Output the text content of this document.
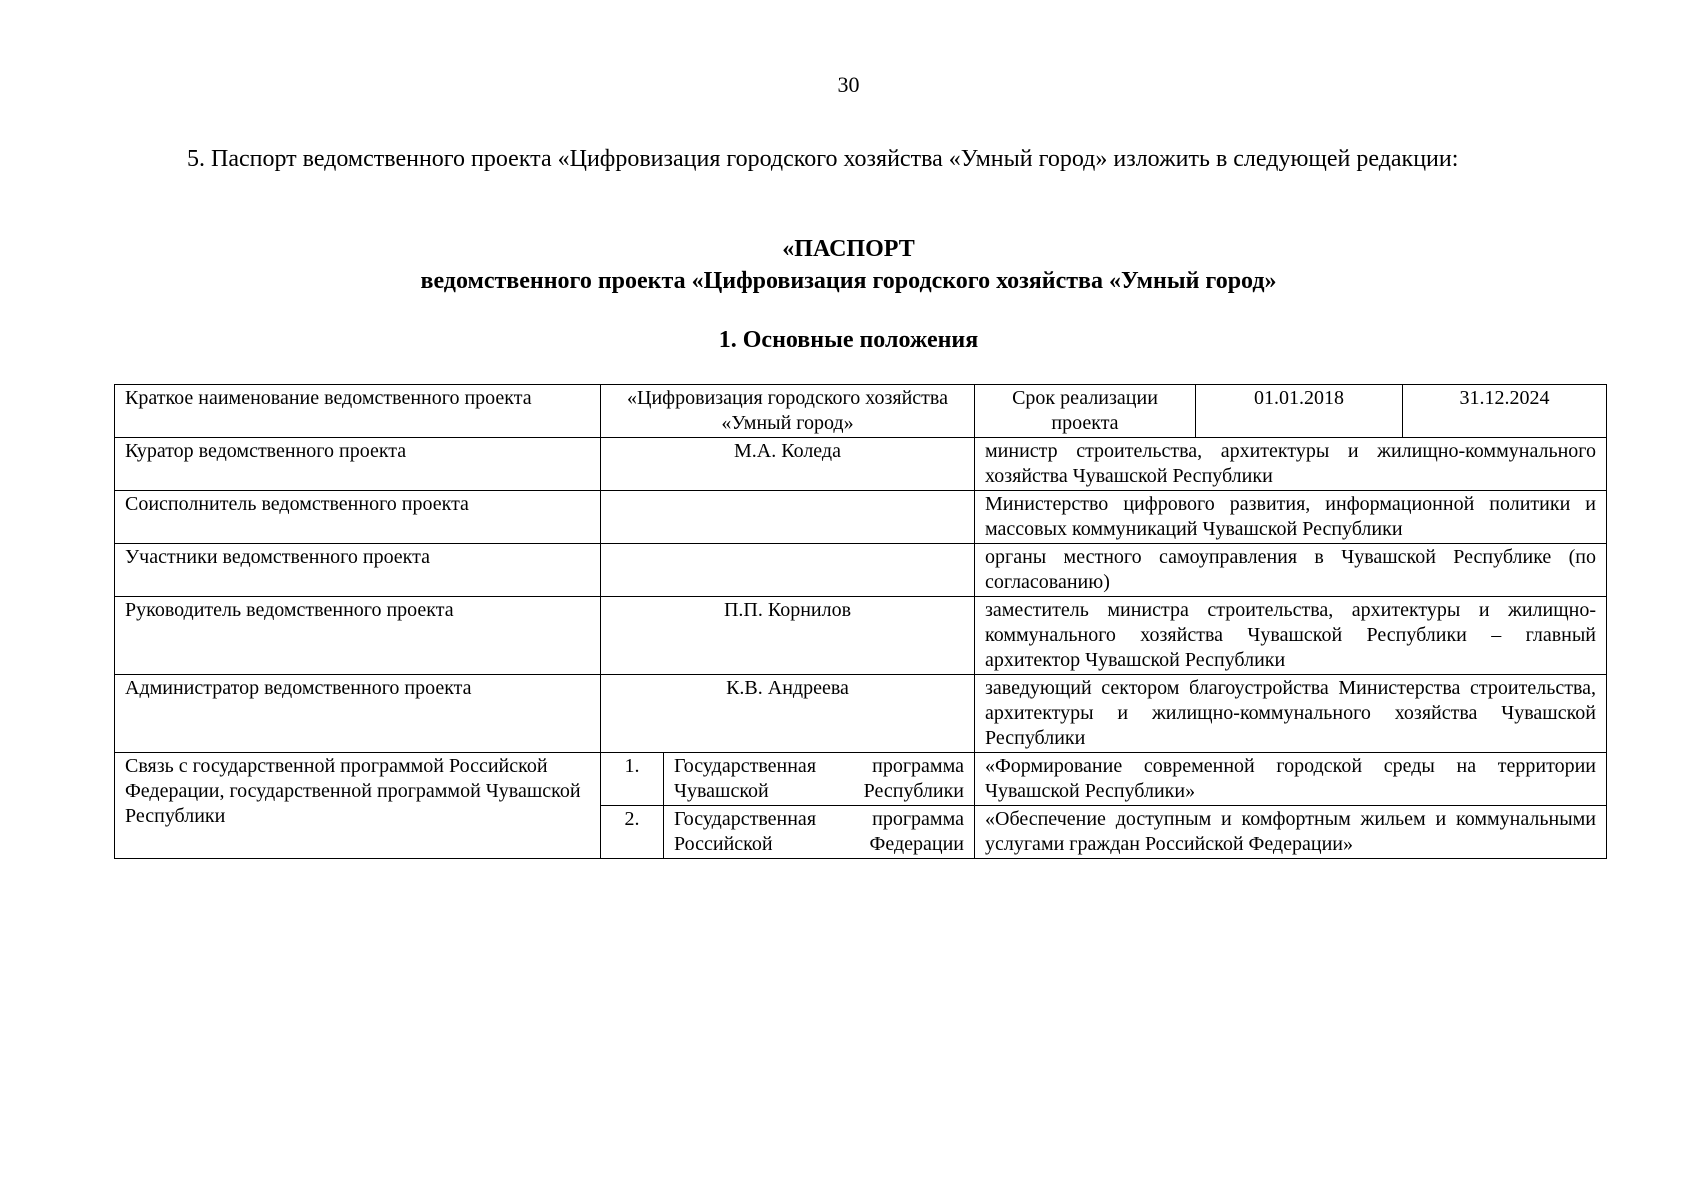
30
5. Паспорт ведомственного проекта «Цифровизация городского хозяйства «Умный город» изложить в следующей редакции:
«ПАСПОРТ
ведомственного проекта «Цифровизация городского хозяйства «Умный город»
1. Основные положения
Краткое наименование ведомственного проекта	«Цифровизация городского хозяйства «Умный город»		Срок реализации проекта	01.01.2018	31.12.2024
Куратор ведомственного проекта	М.А. Коледа		министр строительства, архитектуры и жилищно-коммунального хозяйства Чувашской Республики		
Соисполнитель ведомственного проекта			Министерство цифрового развития, информационной политики и массовых коммуникаций Чувашской Республики		
Участники ведомственного проекта			органы местного самоуправления в Чувашской Республике (по согласованию)		
Руководитель ведомственного проекта	П.П. Корнилов		заместитель министра строительства, архитектуры и жилищно-коммунального хозяйства Чувашской Республики – главный архитектор Чувашской Республики		
Администратор ведомственного проекта	К.В. Андреева		заведующий сектором благоустройства Министерства строительства, архитектуры и жилищно-коммунального хозяйства Чувашской Республики		
Связь с государственной программой Российской Федерации, государственной программой Чувашской Республики	1.	Государственная программа Чувашской Республики	«Формирование современной городской среды на территории Чувашской Республики»		
	2.	Государственная программа Российской Федерации	«Обеспечение доступным и комфортным жильем и коммунальными услугами граждан Российской Федерации»		
